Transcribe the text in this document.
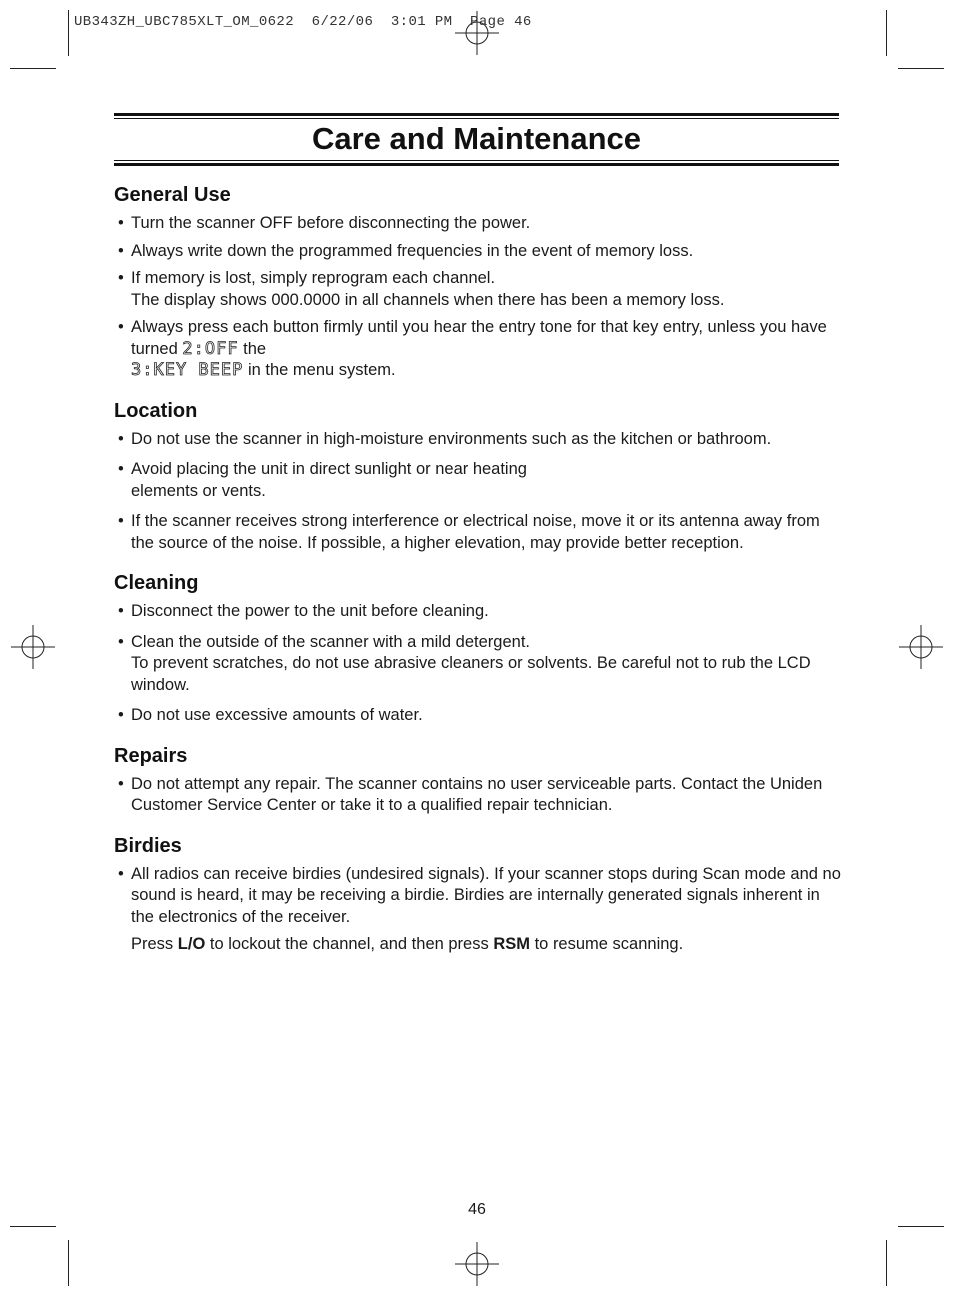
UB343ZH_UBC785XLT_OM_0622  6/22/06  3:01 PM  Page 46
Care and Maintenance
General Use
• Turn the scanner OFF before disconnecting the power.
• Always write down the programmed frequencies in the event of memory loss.
• If memory is lost, simply reprogram each channel.
The display shows 000.0000 in all channels when there has been a memory loss.
• Always press each button firmly until you hear the entry tone for that key entry, unless you have turned 2:OFF the
3:KEY BEEP in the menu system.
Location
• Do not use the scanner in high-moisture environments such as the kitchen or bathroom.
• Avoid placing the unit in direct sunlight or near heating
elements or vents.
• If the scanner receives strong interference or electrical noise, move it or its antenna away from the source of the noise. If possible, a higher elevation, may provide better reception.
Cleaning
• Disconnect the power to the unit before cleaning.
• Clean the outside of the scanner with a mild detergent.
To prevent scratches, do not use abrasive cleaners or solvents. Be careful not to rub the LCD window.
• Do not use excessive amounts of water.
Repairs
• Do not attempt any repair. The scanner contains no user serviceable parts. Contact the Uniden Customer Service Center or take it to a qualified repair technician.
Birdies
• All radios can receive birdies (undesired signals). If your scanner stops during Scan mode and no sound is heard, it may be receiving a birdie. Birdies are internally generated signals inherent in the electronics of the receiver.
Press L/O to lockout the channel, and then press RSM to resume scanning.
46
